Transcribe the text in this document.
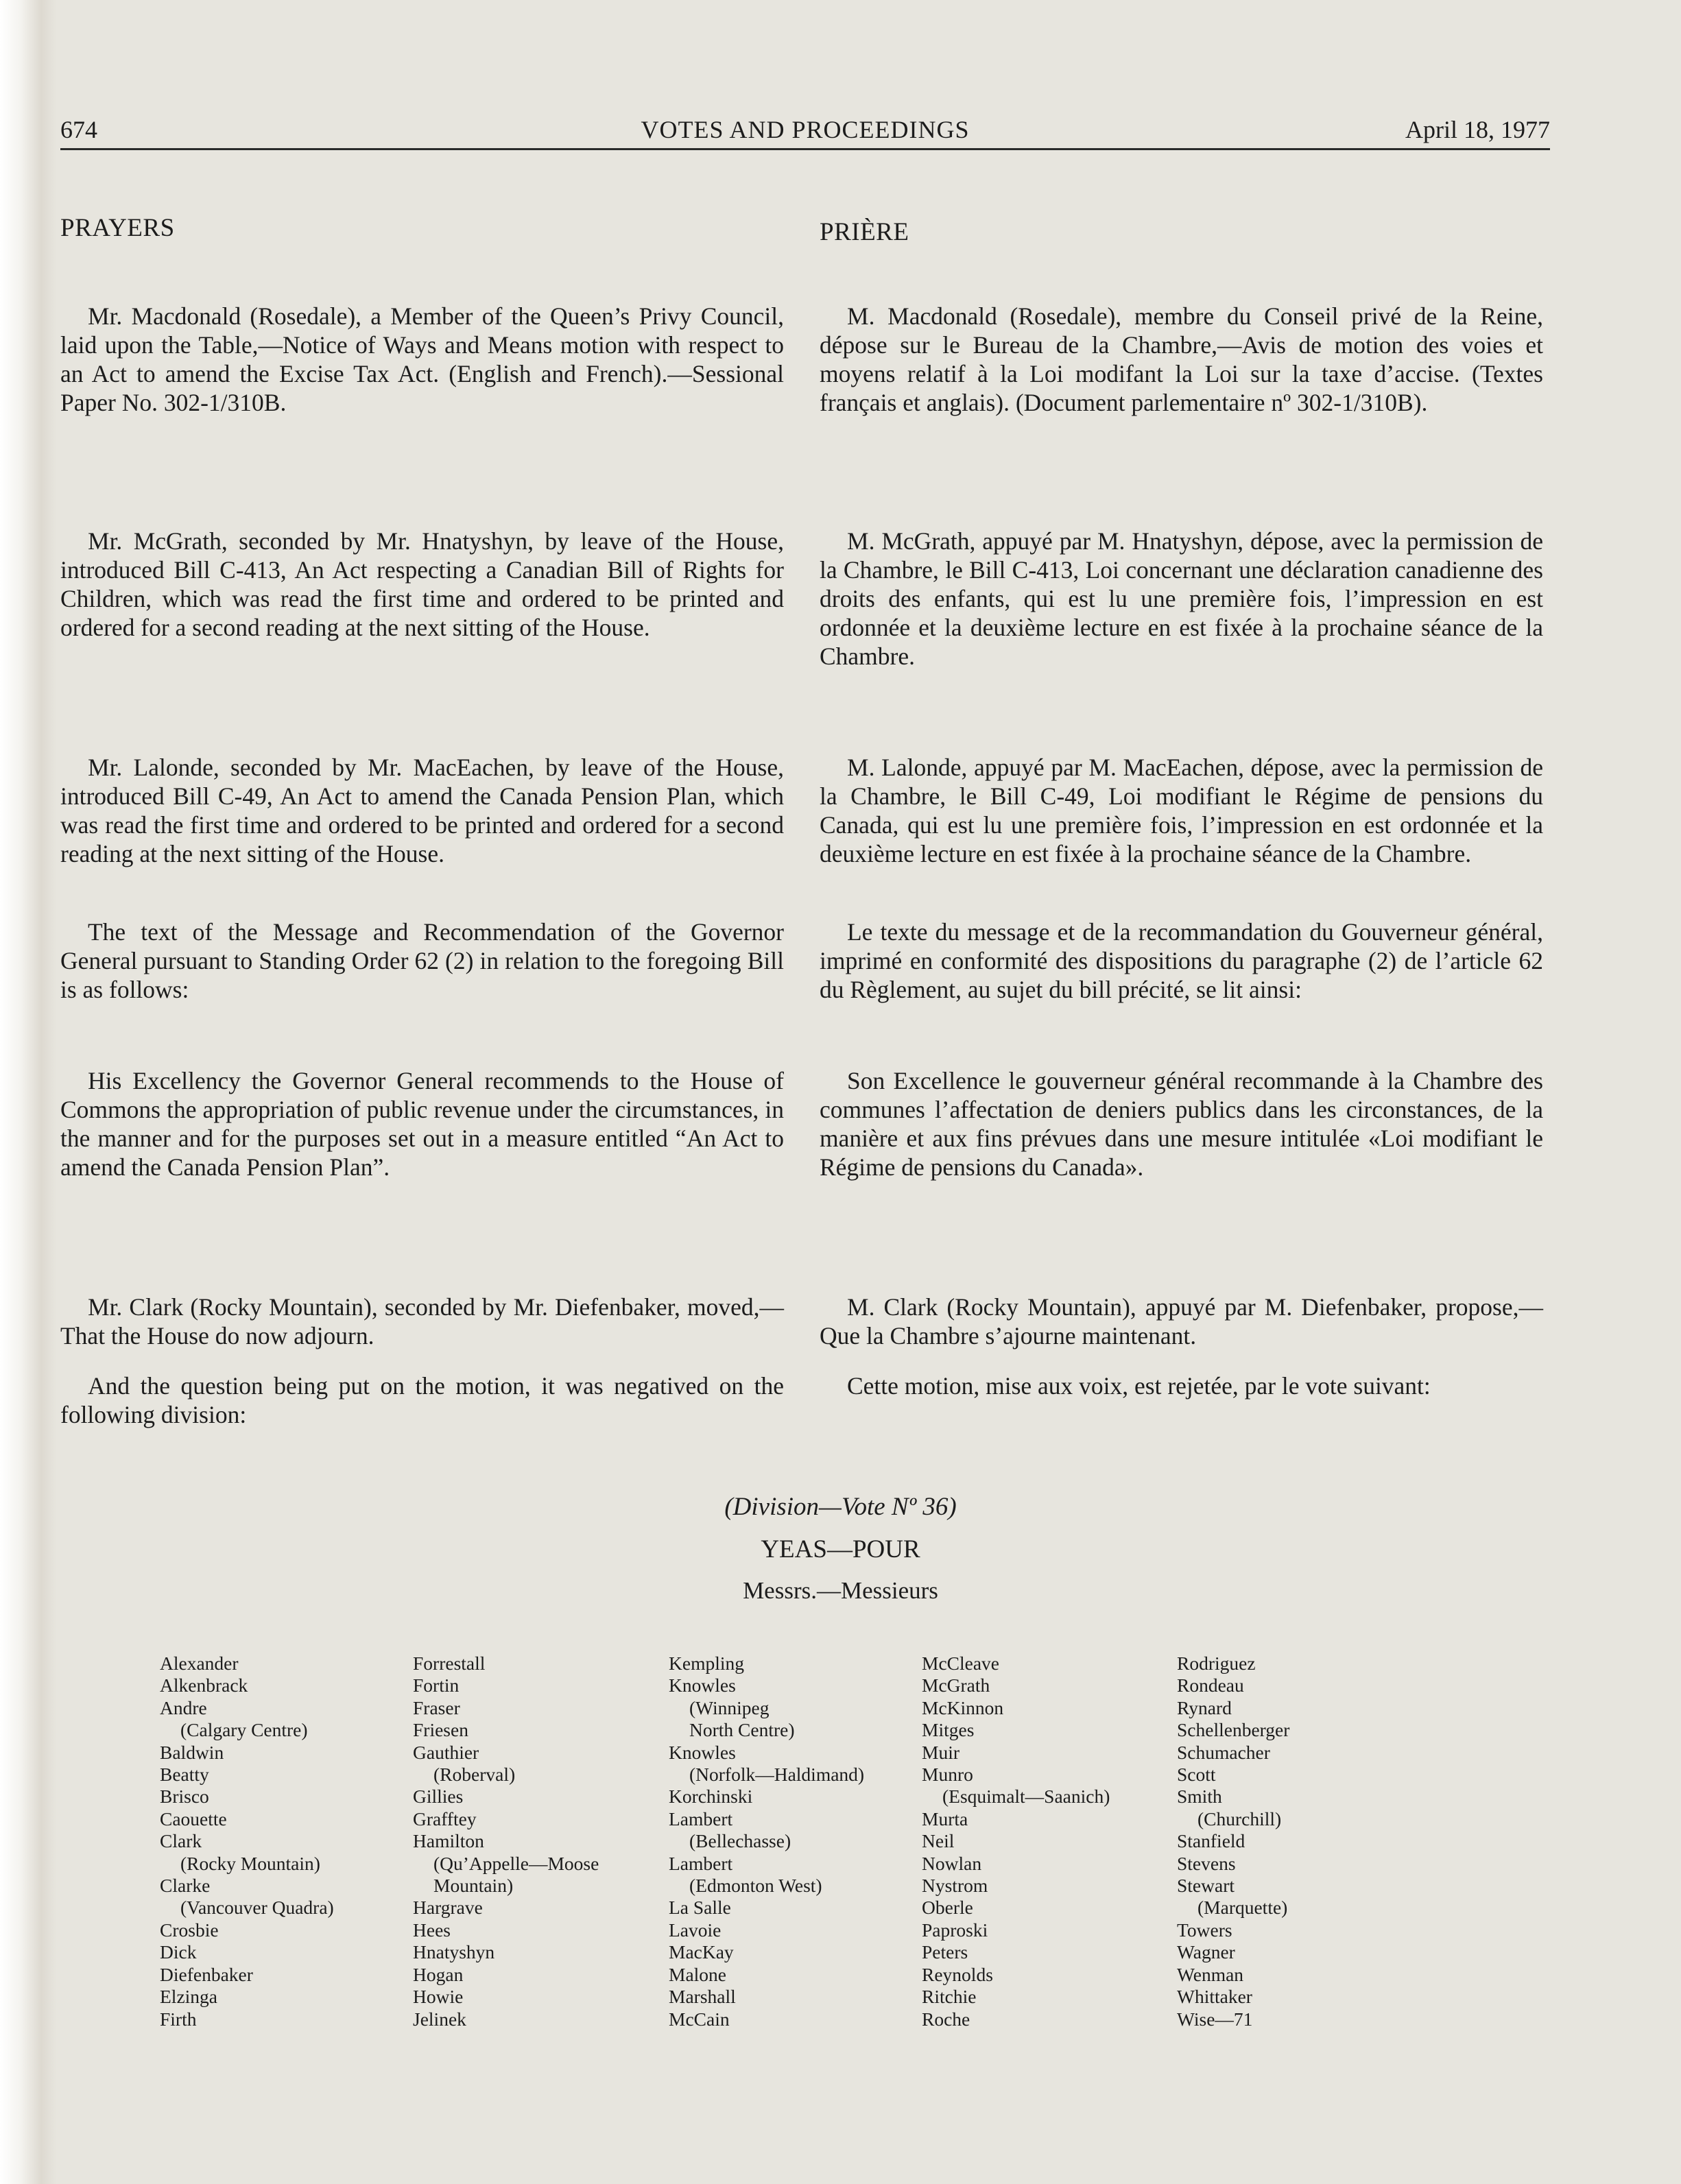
674	VOTES AND PROCEEDINGS	April 18, 1977
PRAYERS

Mr. Macdonald (Rosedale), a Member of the Queen’s Privy Council, laid upon the Table,—Notice of Ways and Means motion with respect to an Act to amend the Excise Tax Act. (English and French).—Sessional Paper No. 302-1/310B.

Mr. McGrath, seconded by Mr. Hnatyshyn, by leave of the House, introduced Bill C-413, An Act respecting a Canadian Bill of Rights for Children, which was read the first time and ordered to be printed and ordered for a second reading at the next sitting of the House.

Mr. Lalonde, seconded by Mr. MacEachen, by leave of the House, introduced Bill C-49, An Act to amend the Canada Pension Plan, which was read the first time and ordered to be printed and ordered for a second reading at the next sitting of the House.

The text of the Message and Recommendation of the Governor General pursuant to Standing Order 62 (2) in relation to the foregoing Bill is as follows:

His Excellency the Governor General recommends to the House of Commons the appropriation of public revenue under the circumstances, in the manner and for the purposes set out in a measure entitled “An Act to amend the Canada Pension Plan”.

Mr. Clark (Rocky Mountain), seconded by Mr. Diefenbaker, moved,—That the House do now adjourn.

And the question being put on the motion, it was negatived on the following division:

PRIÈRE

M. Macdonald (Rosedale), membre du Conseil privé de la Reine, dépose sur le Bureau de la Chambre,—Avis de motion des voies et moyens relatif à la Loi modifant la Loi sur la taxe d’accise. (Textes français et anglais). (Document parlementaire nº 302-1/310B).

M. McGrath, appuyé par M. Hnatyshyn, dépose, avec la permission de la Chambre, le Bill C-413, Loi concernant une déclaration canadienne des droits des enfants, qui est lu une première fois, l’impression en est ordonnée et la deuxième lecture en est fixée à la prochaine séance de la Chambre.

M. Lalonde, appuyé par M. MacEachen, dépose, avec la permission de la Chambre, le Bill C-49, Loi modifiant le Régime de pensions du Canada, qui est lu une première fois, l’impression en est ordonnée et la deuxième lecture en est fixée à la prochaine séance de la Chambre.

Le texte du message et de la recommandation du Gouverneur général, imprimé en conformité des dispositions du paragraphe (2) de l’article 62 du Règlement, au sujet du bill précité, se lit ainsi:

Son Excellence le gouverneur général recommande à la Chambre des communes l’affectation de deniers publics dans les circonstances, de la manière et aux fins prévues dans une mesure intitulée «Loi modifiant le Régime de pensions du Canada».

M. Clark (Rocky Mountain), appuyé par M. Diefenbaker, propose,—Que la Chambre s’ajourne maintenant.

Cette motion, mise aux voix, est rejetée, par le vote suivant:

(Division—Vote Nº 36)
YEAS—POUR
Messrs.—Messieurs
Alexander
Alkenbrack
Andre
(Calgary Centre)
Baldwin
Beatty
Brisco
Caouette
Clark
(Rocky Mountain)
Clarke
(Vancouver Quadra)
Crosbie
Dick
Diefenbaker
Elzinga
Firth
Forrestall
Fortin
Fraser
Friesen
Gauthier
(Roberval)
Gillies
Grafftey
Hamilton
(Qu’Appelle—Moose
Mountain)
Hargrave
Hees
Hnatyshyn
Hogan
Howie
Jelinek
Kempling
Knowles
(Winnipeg
North Centre)
Knowles
(Norfolk—Haldimand)
Korchinski
Lambert
(Bellechasse)
Lambert
(Edmonton West)
La Salle
Lavoie
MacKay
Malone
Marshall
McCain
McCleave
McGrath
McKinnon
Mitges
Muir
Munro
(Esquimalt—Saanich)
Murta
Neil
Nowlan
Nystrom
Oberle
Paproski
Peters
Reynolds
Ritchie
Roche
Rodriguez
Rondeau
Rynard
Schellenberger
Schumacher
Scott
Smith
(Churchill)
Stanfield
Stevens
Stewart
(Marquette)
Towers
Wagner
Wenman
Whittaker
Wise—71
